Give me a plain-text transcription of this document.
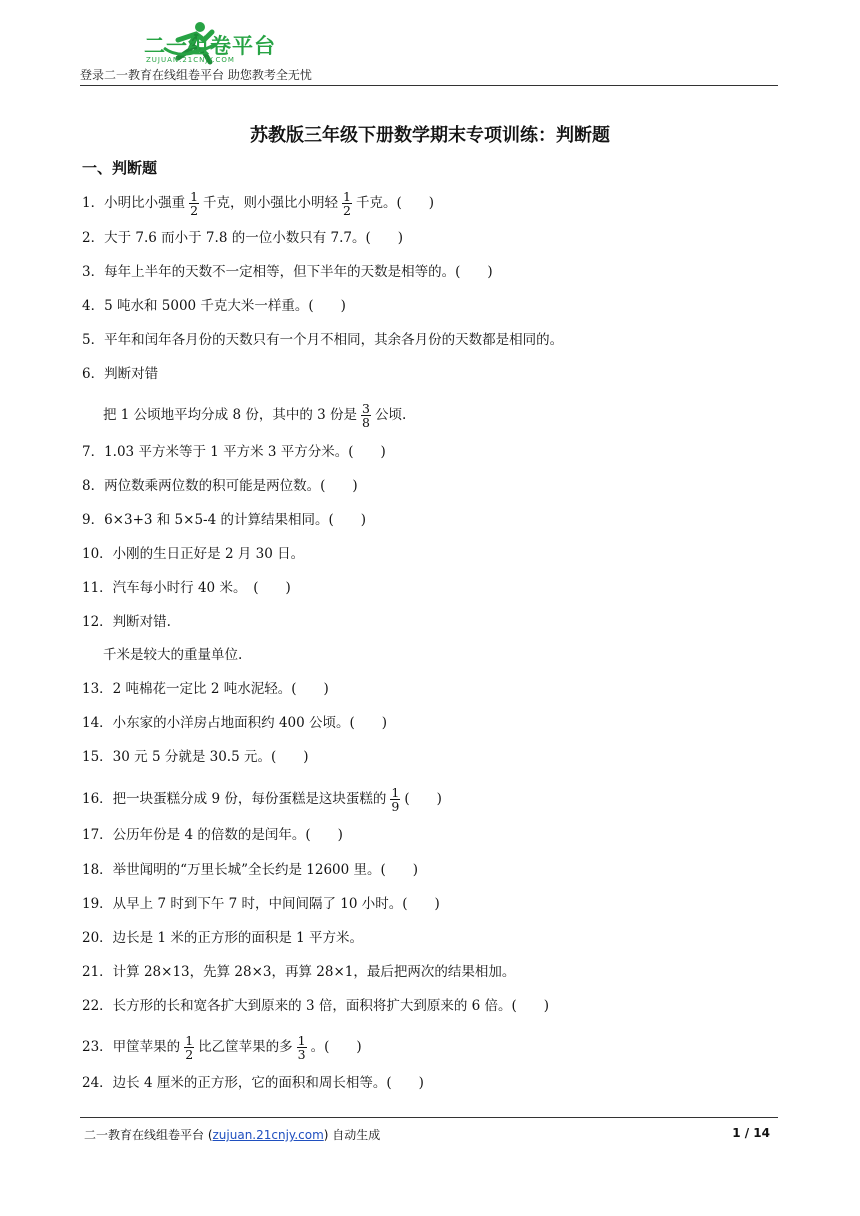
二一组卷平台
ZUJUAN.21CNJY.COM
登录二一教育在线组卷平台 助您教考全无忧
苏教版三年级下册数学期末专项训练：判断题
一、判断题
1．小明比小强重 $\frac{1}{2}$ 千克，则小强比小明轻 $\frac{1}{2}$ 千克。(　　)
2．大于 7.6 而小于 7.8 的一位小数只有 7.7。(　　)
3．每年上半年的天数不一定相等，但下半年的天数是相等的。(　　)
4．5 吨水和 5000 千克大米一样重。(　　)
5．平年和闰年各月份的天数只有一个月不相同，其余各月份的天数都是相同的。
6．判断对错
把 1 公顷地平均分成 8 份，其中的 3 份是 $\frac{3}{8}$ 公顷.
7．1.03 平方米等于 1 平方米 3 平方分米。(　　)
8．两位数乘两位数的积可能是两位数。(　　)
9．6×3+3 和 5×5-4 的计算结果相同。(　　)
10．小刚的生日正好是 2 月 30 日。
11．汽车每小时行 40 米。　(　　)
12．判断对错.
千米是较大的重量单位.
13．2 吨棉花一定比 2 吨水泥轻。(　　)
14．小东家的小洋房占地面积约 400 公顷。(　　)
15．30 元 5 分就是 30.5 元。(　　)
16．把一块蛋糕分成 9 份，每份蛋糕是这块蛋糕的 $\frac{1}{9}$ (　　)
17．公历年份是 4 的倍数的是闰年。(　　)
18．举世闻明的“万里长城”全长约是 12600 里。(　　)
19．从早上 7 时到下午 7 时，中间间隔了 10 小时。(　　)
20．边长是 1 米的正方形的面积是 1 平方米。
21．计算 28×13，先算 28×3，再算 28×1，最后把两次的结果相加。
22．长方形的长和宽各扩大到原来的 3 倍，面积将扩大到原来的 6 倍。(　　)
23．甲筐苹果的 $\frac{1}{2}$ 比乙筐苹果的多 $\frac{1}{3}$ 。(　　)
24．边长 4 厘米的正方形，它的面积和周长相等。(　　)
二一教育在线组卷平台 (zujuan.21cnjy.com) 自动生成	1 / 14
